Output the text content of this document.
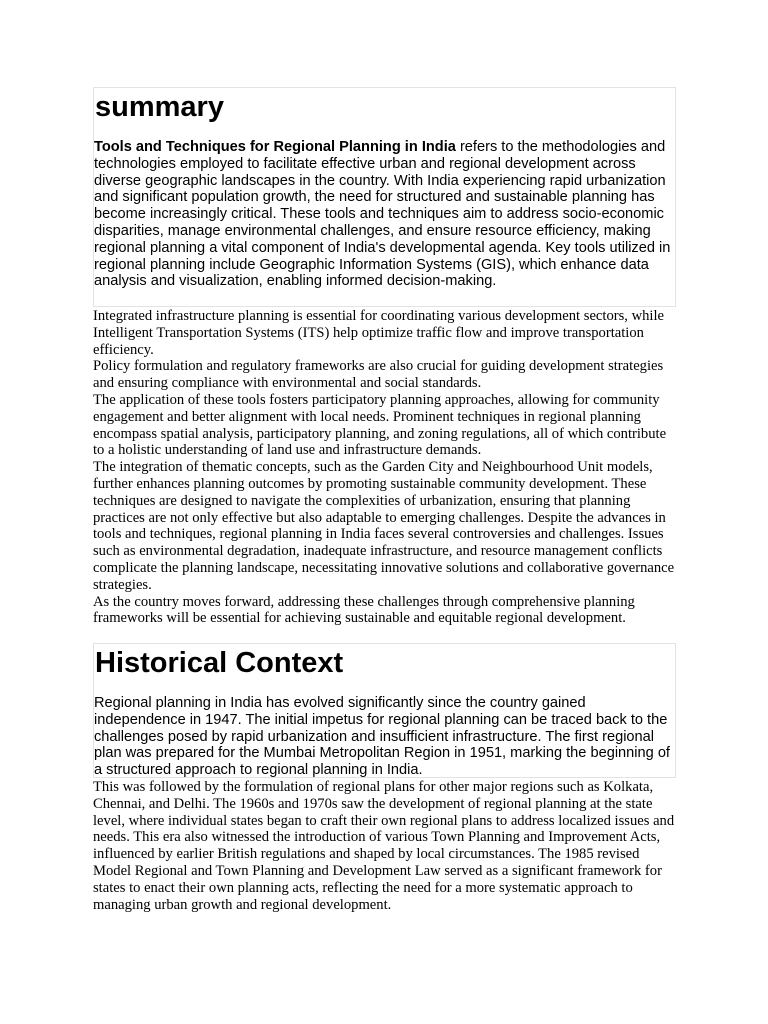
summary

Tools and Techniques for Regional Planning in India refers to the methodologies and technologies employed to facilitate effective urban and regional development across diverse geographic landscapes in the country. With India experiencing rapid urbanization and significant population growth, the need for structured and sustainable planning has become increasingly critical. These tools and techniques aim to address socio-economic disparities, manage environmental challenges, and ensure resource efficiency, making regional planning a vital component of India's developmental agenda. Key tools utilized in regional planning include Geographic Information Systems (GIS), which enhance data analysis and visualization, enabling informed decision-making.

Integrated infrastructure planning is essential for coordinating various development sectors, while Intelligent Transportation Systems (ITS) help optimize traffic flow and improve transportation efficiency.

Policy formulation and regulatory frameworks are also crucial for guiding development strategies and ensuring compliance with environmental and social standards.

The application of these tools fosters participatory planning approaches, allowing for community engagement and better alignment with local needs. Prominent techniques in regional planning encompass spatial analysis, participatory planning, and zoning regulations, all of which contribute to a holistic understanding of land use and infrastructure demands.

The integration of thematic concepts, such as the Garden City and Neighbourhood Unit models, further enhances planning outcomes by promoting sustainable community development. These techniques are designed to navigate the complexities of urbanization, ensuring that planning practices are not only effective but also adaptable to emerging challenges. Despite the advances in tools and techniques, regional planning in India faces several controversies and challenges. Issues such as environmental degradation, inadequate infrastructure, and resource management conflicts complicate the planning landscape, necessitating innovative solutions and collaborative governance strategies.

As the country moves forward, addressing these challenges through comprehensive planning frameworks will be essential for achieving sustainable and equitable regional development.

Historical Context

Regional planning in India has evolved significantly since the country gained independence in 1947. The initial impetus for regional planning can be traced back to the challenges posed by rapid urbanization and insufficient infrastructure. The first regional plan was prepared for the Mumbai Metropolitan Region in 1951, marking the beginning of a structured approach to regional planning in India.

This was followed by the formulation of regional plans for other major regions such as Kolkata, Chennai, and Delhi. The 1960s and 1970s saw the development of regional planning at the state level, where individual states began to craft their own regional plans to address localized issues and needs. This era also witnessed the introduction of various Town Planning and Improvement Acts, influenced by earlier British regulations and shaped by local circumstances. The 1985 revised Model Regional and Town Planning and Development Law served as a significant framework for states to enact their own planning acts, reflecting the need for a more systematic approach to managing urban growth and regional development.
